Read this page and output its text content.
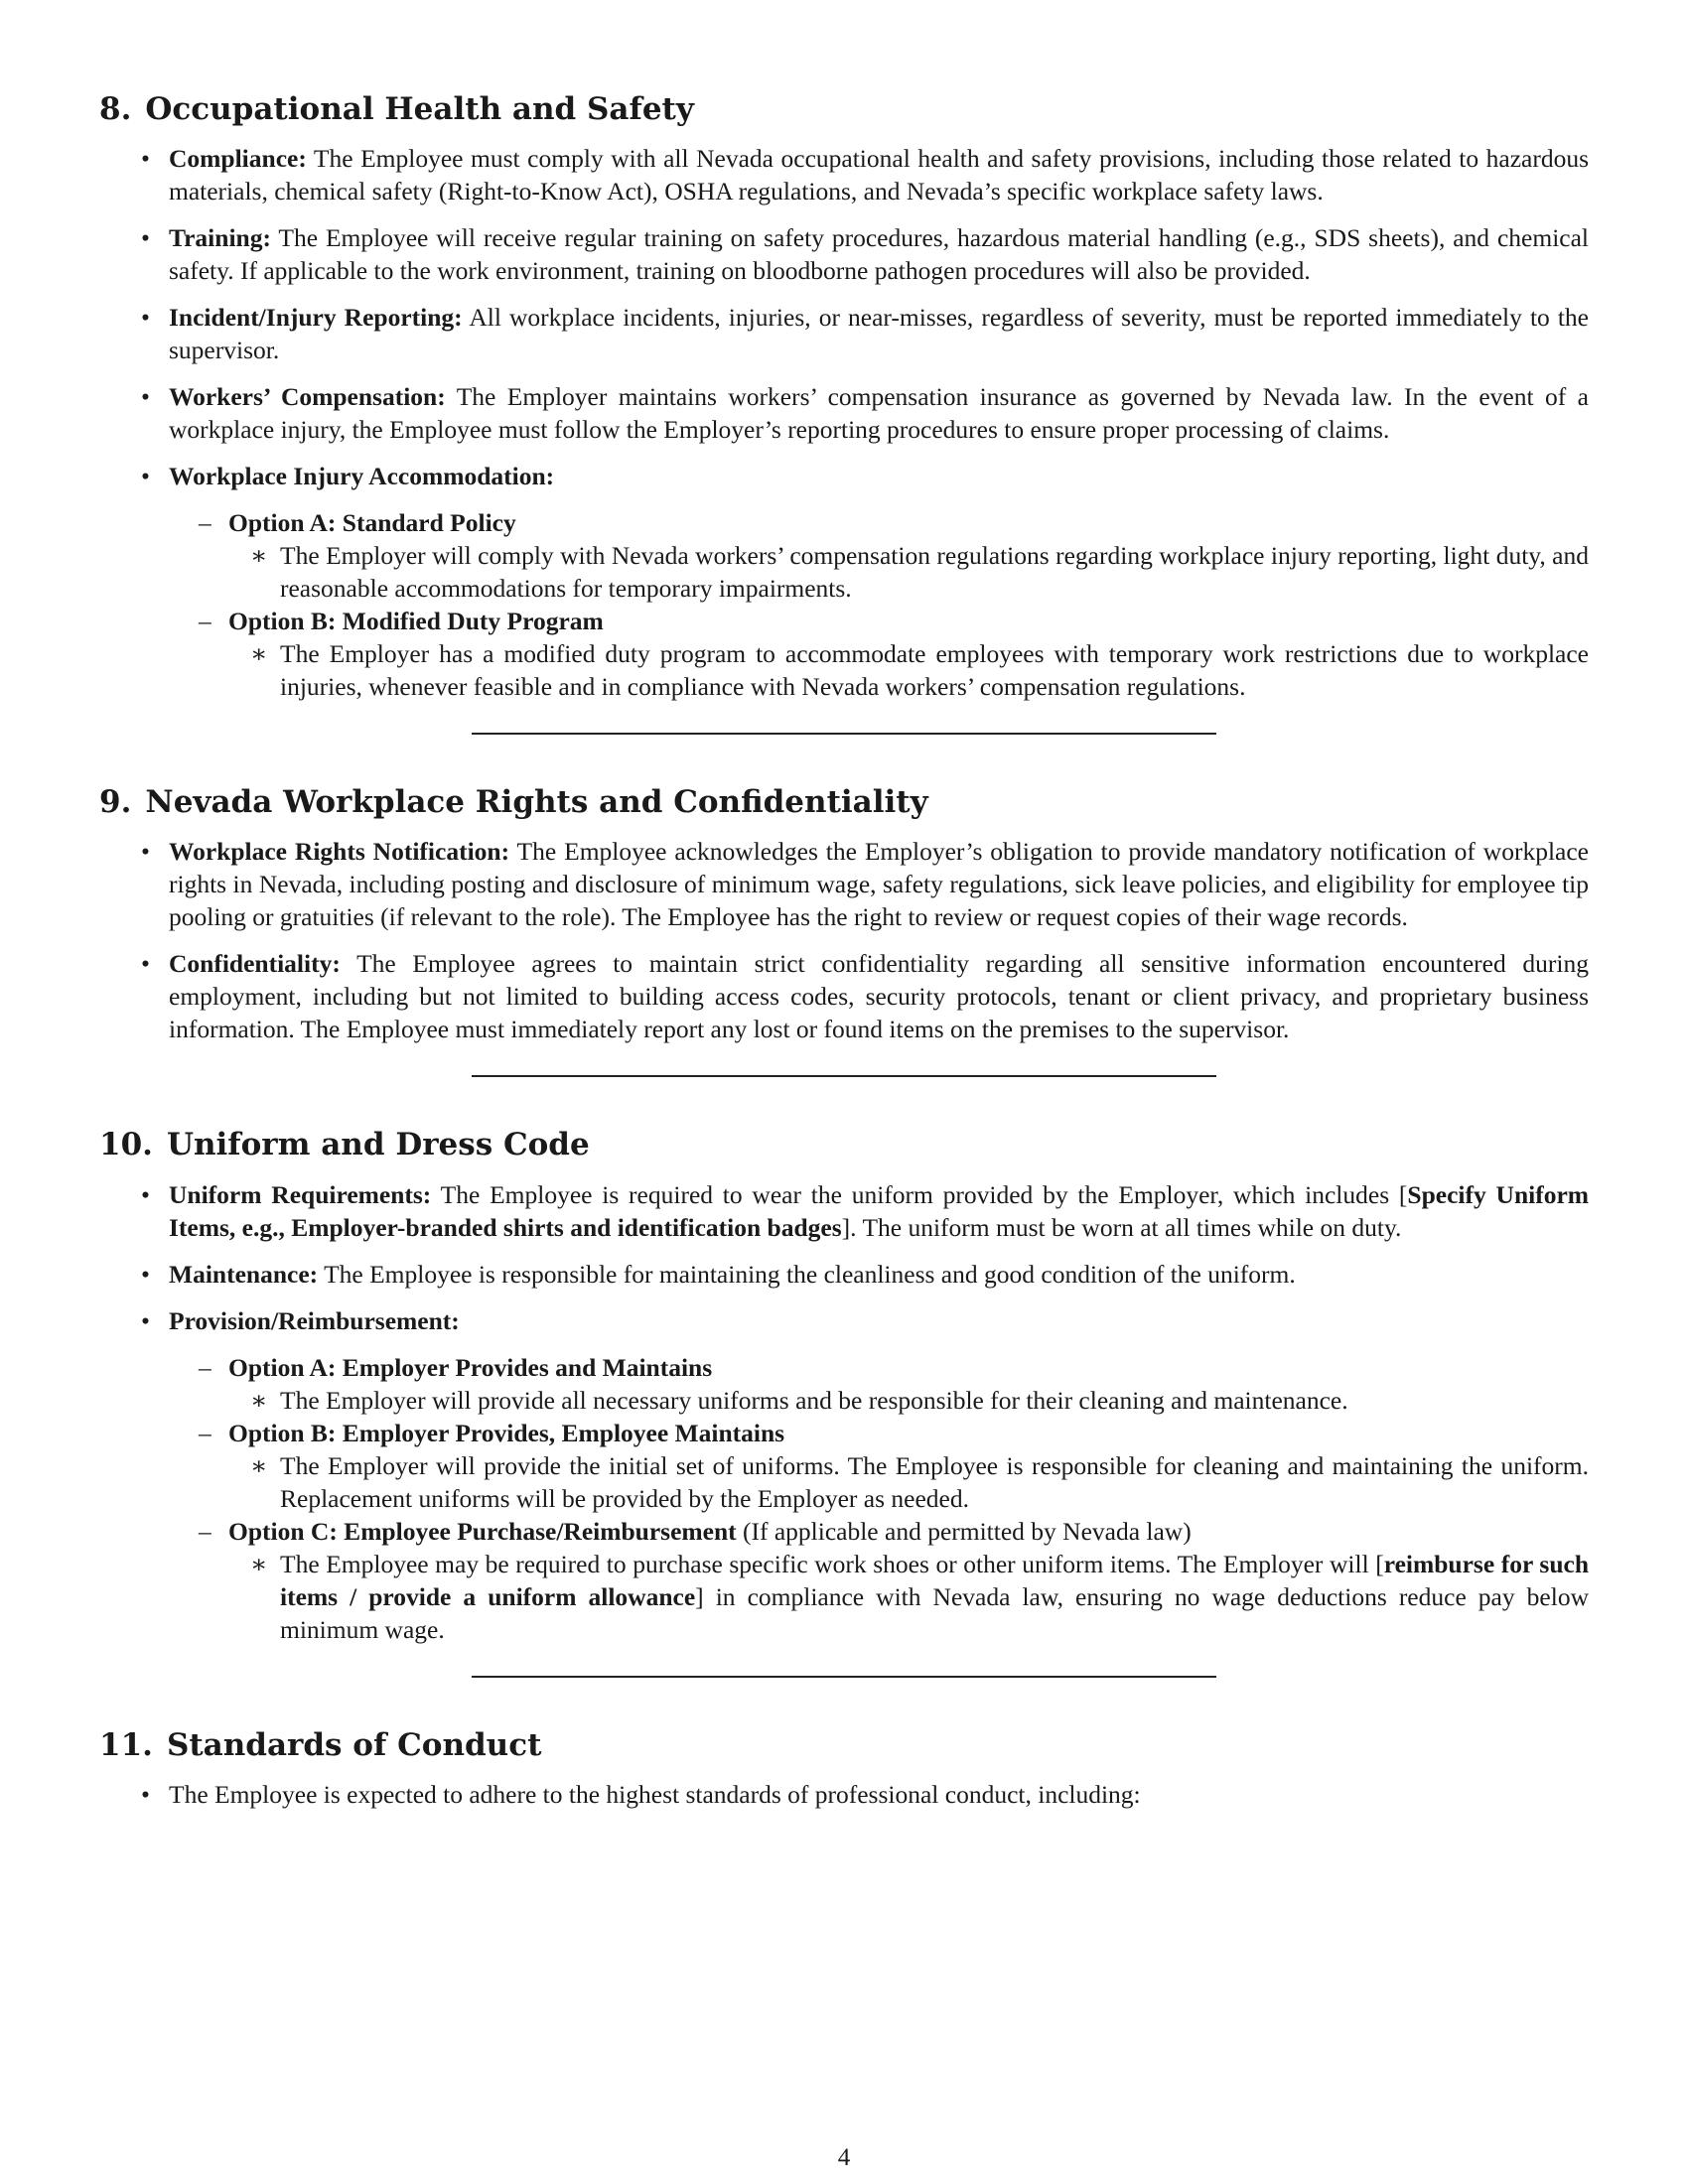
8. Occupational Health and Safety
• Compliance: The Employee must comply with all Nevada occupational health and safety provisions, including those related to hazardous materials, chemical safety (Right-to-Know Act), OSHA regulations, and Nevada’s specific workplace safety laws.
• Training: The Employee will receive regular training on safety procedures, hazardous material handling (e.g., SDS sheets), and chemical safety. If applicable to the work environment, training on bloodborne pathogen procedures will also be provided.
• Incident/Injury Reporting: All workplace incidents, injuries, or near-misses, regardless of severity, must be reported immediately to the supervisor.
• Workers’ Compensation: The Employer maintains workers’ compensation insurance as governed by Nevada law. In the event of a workplace injury, the Employee must follow the Employer’s reporting procedures to ensure proper processing of claims.
• Workplace Injury Accommodation:
– Option A: Standard Policy
∗ The Employer will comply with Nevada workers’ compensation regulations regarding workplace injury reporting, light duty, and reasonable accommodations for temporary impairments.
– Option B: Modified Duty Program
∗ The Employer has a modified duty program to accommodate employees with temporary work restrictions due to workplace injuries, whenever feasible and in compliance with Nevada workers’ compensation regulations.
9. Nevada Workplace Rights and Confidentiality
• Workplace Rights Notification: The Employee acknowledges the Employer’s obligation to provide mandatory notification of workplace rights in Nevada, including posting and disclosure of minimum wage, safety regulations, sick leave policies, and eligibility for employee tip pooling or gratuities (if relevant to the role). The Employee has the right to review or request copies of their wage records.
• Confidentiality: The Employee agrees to maintain strict confidentiality regarding all sensitive information encountered during employment, including but not limited to building access codes, security protocols, tenant or client privacy, and proprietary business information. The Employee must immediately report any lost or found items on the premises to the supervisor.
10. Uniform and Dress Code
• Uniform Requirements: The Employee is required to wear the uniform provided by the Employer, which includes [Specify Uniform Items, e.g., Employer-branded shirts and identification badges]. The uniform must be worn at all times while on duty.
• Maintenance: The Employee is responsible for maintaining the cleanliness and good condition of the uniform.
• Provision/Reimbursement:
– Option A: Employer Provides and Maintains
∗ The Employer will provide all necessary uniforms and be responsible for their cleaning and maintenance.
– Option B: Employer Provides, Employee Maintains
∗ The Employer will provide the initial set of uniforms. The Employee is responsible for cleaning and maintaining the uniform. Replacement uniforms will be provided by the Employer as needed.
– Option C: Employee Purchase/Reimbursement (If applicable and permitted by Nevada law)
∗ The Employee may be required to purchase specific work shoes or other uniform items. The Employer will [reimburse for such items / provide a uniform allowance] in compliance with Nevada law, ensuring no wage deductions reduce pay below minimum wage.
11. Standards of Conduct
• The Employee is expected to adhere to the highest standards of professional conduct, including:
4
